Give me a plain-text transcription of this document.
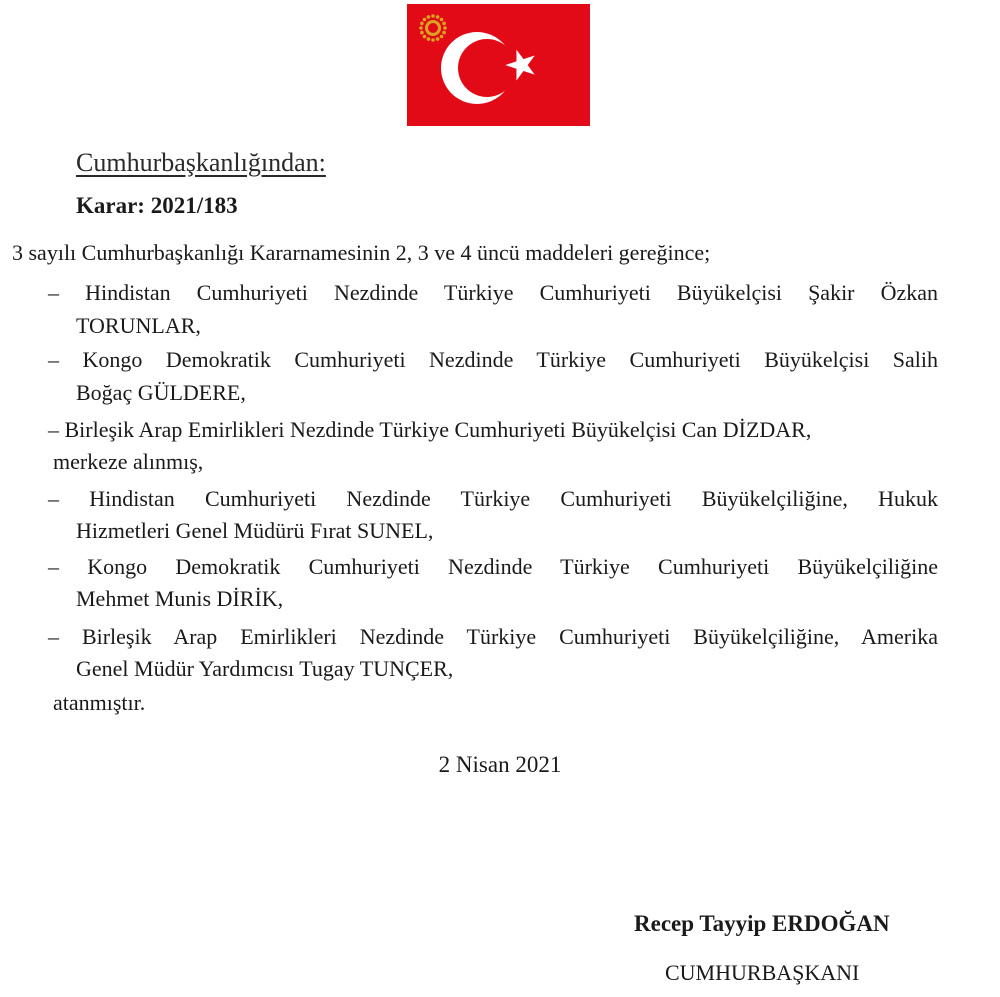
Cumhurbaşkanlığından:
Karar: 2021/183
3 sayılı Cumhurbaşkanlığı Kararnamesinin 2, 3 ve 4 üncü maddeleri gereğince;
– Hindistan Cumhuriyeti Nezdinde Türkiye Cumhuriyeti Büyükelçisi Şakir Özkan
TORUNLAR,
– Kongo Demokratik Cumhuriyeti Nezdinde Türkiye Cumhuriyeti Büyükelçisi Salih
Boğaç GÜLDERE,
– Birleşik Arap Emirlikleri Nezdinde Türkiye Cumhuriyeti Büyükelçisi Can DİZDAR,
merkeze alınmış,
– Hindistan Cumhuriyeti Nezdinde Türkiye Cumhuriyeti Büyükelçiliğine, Hukuk
Hizmetleri Genel Müdürü Fırat SUNEL,
– Kongo Demokratik Cumhuriyeti Nezdinde Türkiye Cumhuriyeti Büyükelçiliğine
Mehmet Munis DİRİK,
– Birleşik Arap Emirlikleri Nezdinde Türkiye Cumhuriyeti Büyükelçiliğine, Amerika
Genel Müdür Yardımcısı Tugay TUNÇER,
atanmıştır.
2 Nisan 2021
Recep Tayyip ERDOĞAN
CUMHURBAŞKANI
